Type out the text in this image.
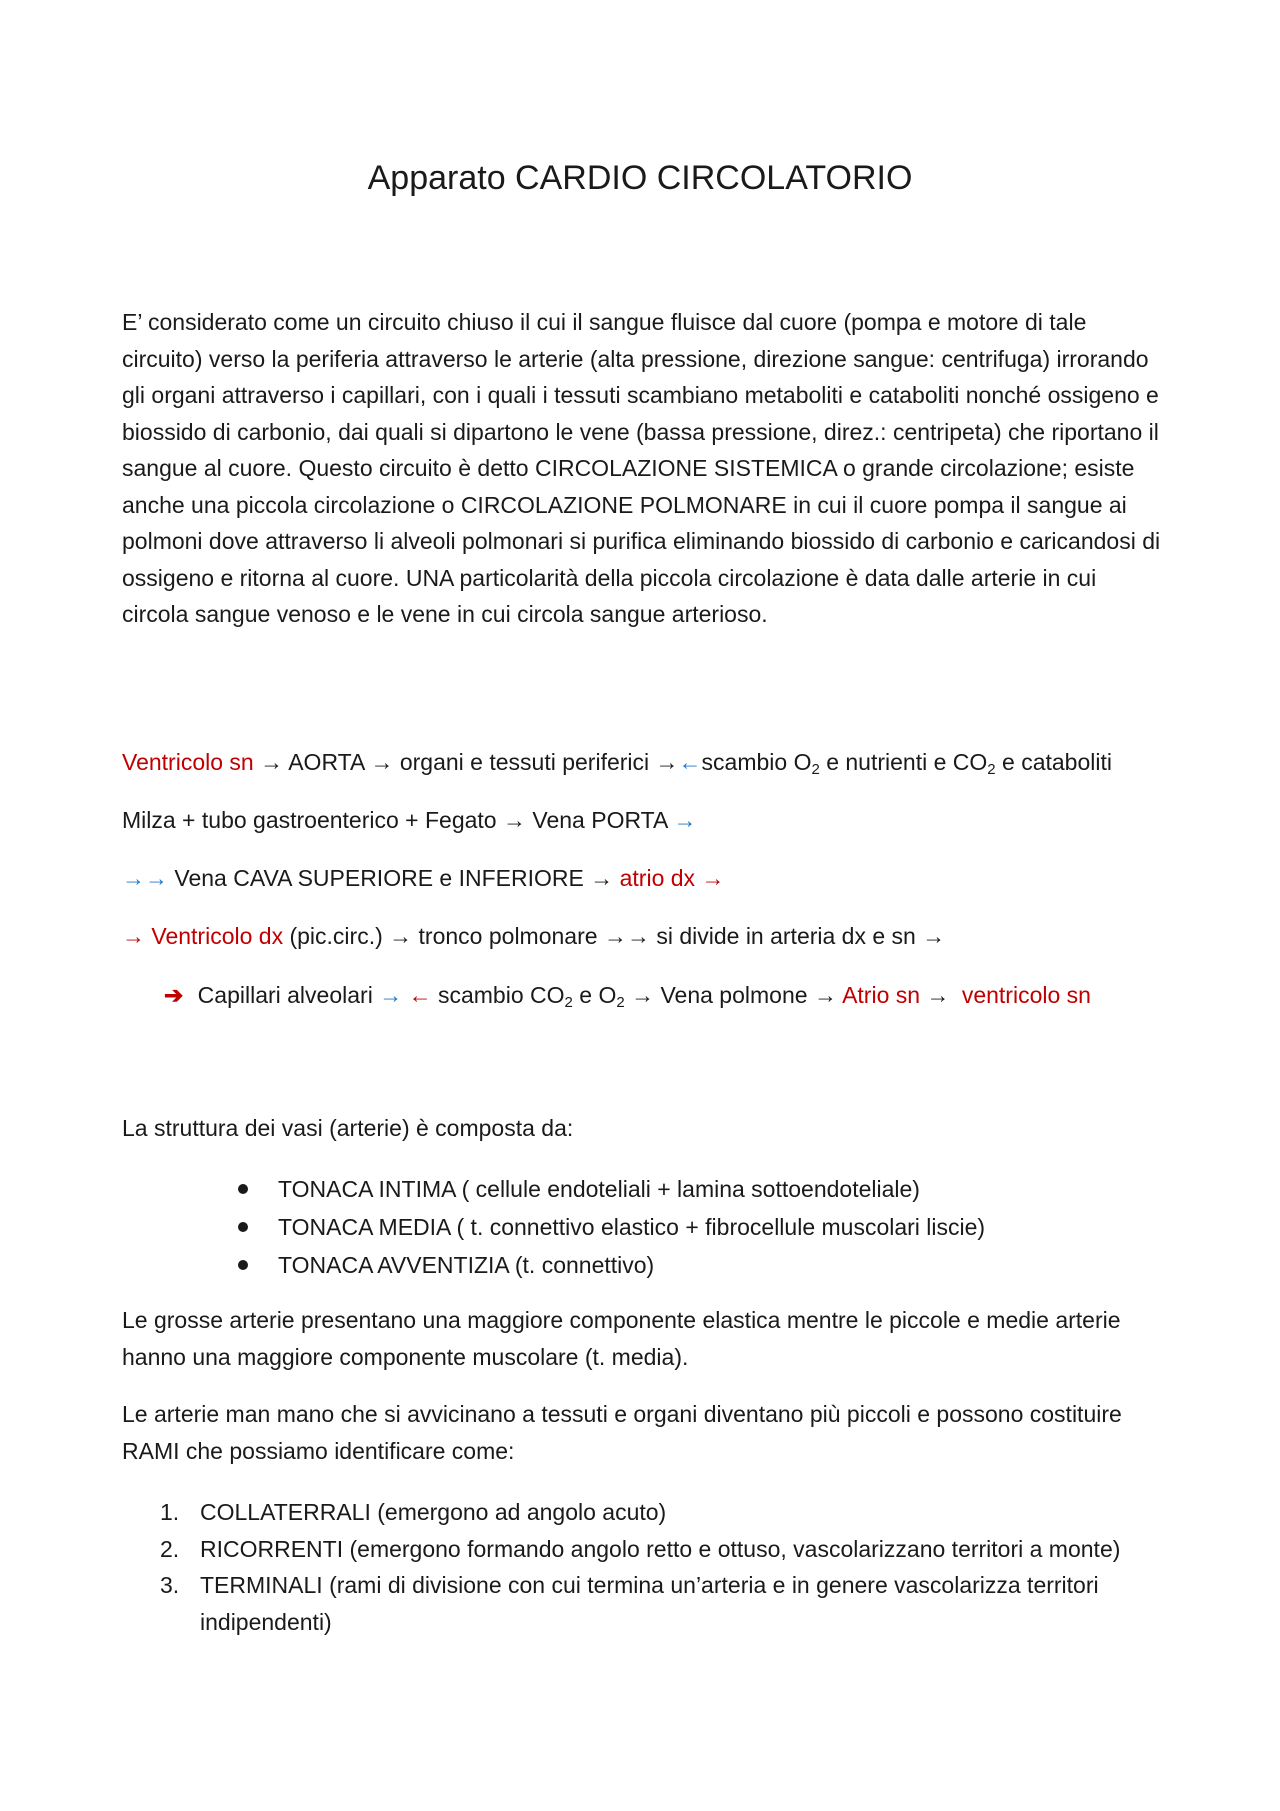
Apparato CARDIO CIRCOLATORIO

E’ considerato come un circuito chiuso il cui il sangue fluisce dal cuore (pompa e motore di tale circuito) verso la periferia attraverso le arterie (alta pressione, direzione sangue: centrifuga) irrorando gli organi attraverso i capillari, con i quali i tessuti scambiano metaboliti e cataboliti nonché ossigeno e biossido di carbonio, dai quali si dipartono le vene (bassa pressione, direz.: centripeta) che riportano il sangue al cuore. Questo circuito è detto CIRCOLAZIONE SISTEMICA o grande circolazione; esiste anche una piccola circolazione o CIRCOLAZIONE POLMONARE in cui il cuore pompa il sangue ai polmoni dove attraverso li alveoli polmonari si purifica eliminando biossido di carbonio e caricandosi di ossigeno e ritorna al cuore. UNA particolarità della piccola circolazione è data dalle arterie in cui circola sangue venoso e le vene in cui circola sangue arterioso.

Ventricolo sn → AORTA → organi e tessuti periferici →←scambio $O_2$ e nutrienti e $CO_2$ e cataboliti

Milza + tubo gastroenterico + Fegato → Vena PORTA →

→→ Vena CAVA SUPERIORE e INFERIORE → atrio dx →

→ Ventricolo dx (pic.circ.) → tronco polmonare →→ si divide in arteria dx e sn →

➔ Capillari alveolari → ← scambio $CO_2$ e $O_2$ → Vena polmone → Atrio sn → ventricolo sn

La struttura dei vasi (arterie) è composta da:

TONACA INTIMA ( cellule endoteliali + lamina sottoendoteliale)
TONACA MEDIA ( t. connettivo elastico + fibrocellule muscolari liscie)
TONACA AVVENTIZIA (t. connettivo)

Le grosse arterie presentano una maggiore componente elastica mentre le piccole e medie arterie hanno una maggiore componente muscolare (t. media).

Le arterie man mano che si avvicinano a tessuti e organi diventano più piccoli e possono costituire RAMI che possiamo identificare come:

1. COLLATERRALI (emergono ad angolo acuto)
2. RICORRENTI (emergono formando angolo retto e ottuso, vascolarizzano territori a monte)
3. TERMINALI (rami di divisione con cui termina un’arteria e in genere vascolarizza territori indipendenti)
